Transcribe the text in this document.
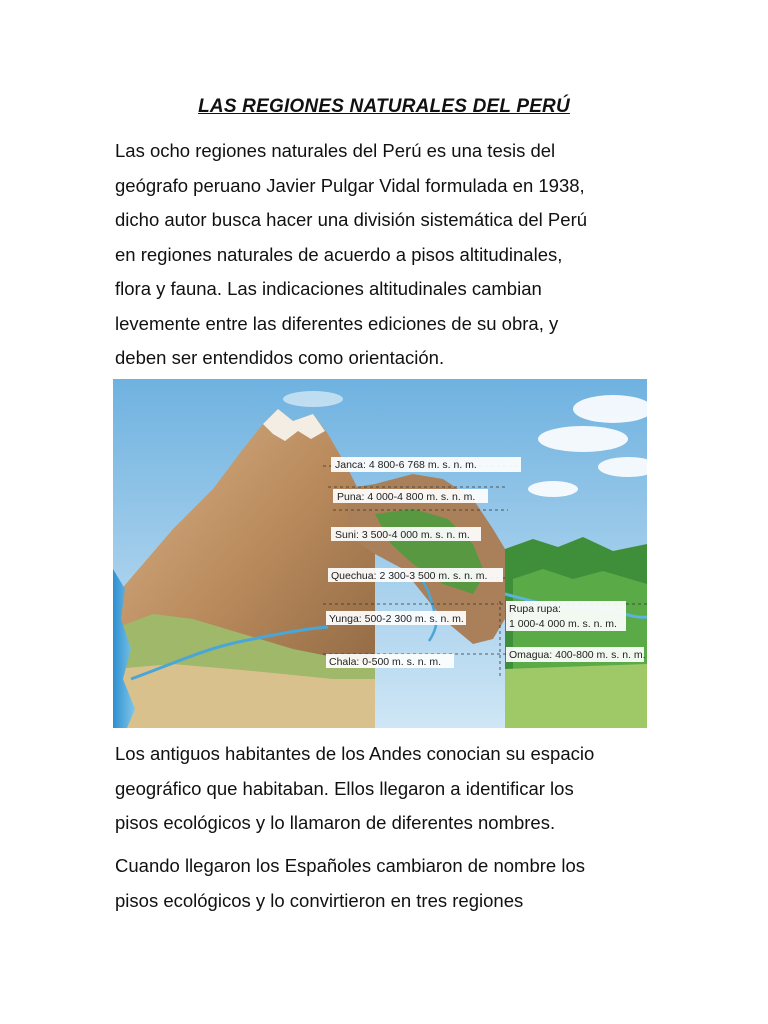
LAS REGIONES NATURALES DEL PERÚ
Las ocho regiones naturales del Perú es una tesis del
geógrafo peruano Javier Pulgar Vidal formulada en 1938,
dicho autor busca hacer una división sistemática del Perú
en regiones naturales de acuerdo a pisos altitudinales,
flora y fauna. Las indicaciones altitudinales cambian
levemente entre las diferentes ediciones de su obra, y
deben ser entendidos como orientación.
Janca: 4 800-6 768 m. s. n. m.
Puna: 4 000-4 800 m. s. n. m.
Suni: 3 500-4 000 m. s. n. m.
Quechua: 2 300-3 500 m. s. n. m.
Yunga: 500-2 300 m. s. n. m.
Chala: 0-500 m. s. n. m.
Rupa rupa:
1 000-4 000 m. s. n. m.
Omagua: 400-800 m. s. n. m.
Los antiguos habitantes de los Andes conocian su espacio
geográfico que habitaban. Ellos llegaron a identificar los
pisos ecológicos y lo llamaron de diferentes nombres.
Cuando llegaron los Españoles cambiaron de nombre los
pisos ecológicos y lo convirtieron en tres regiones
